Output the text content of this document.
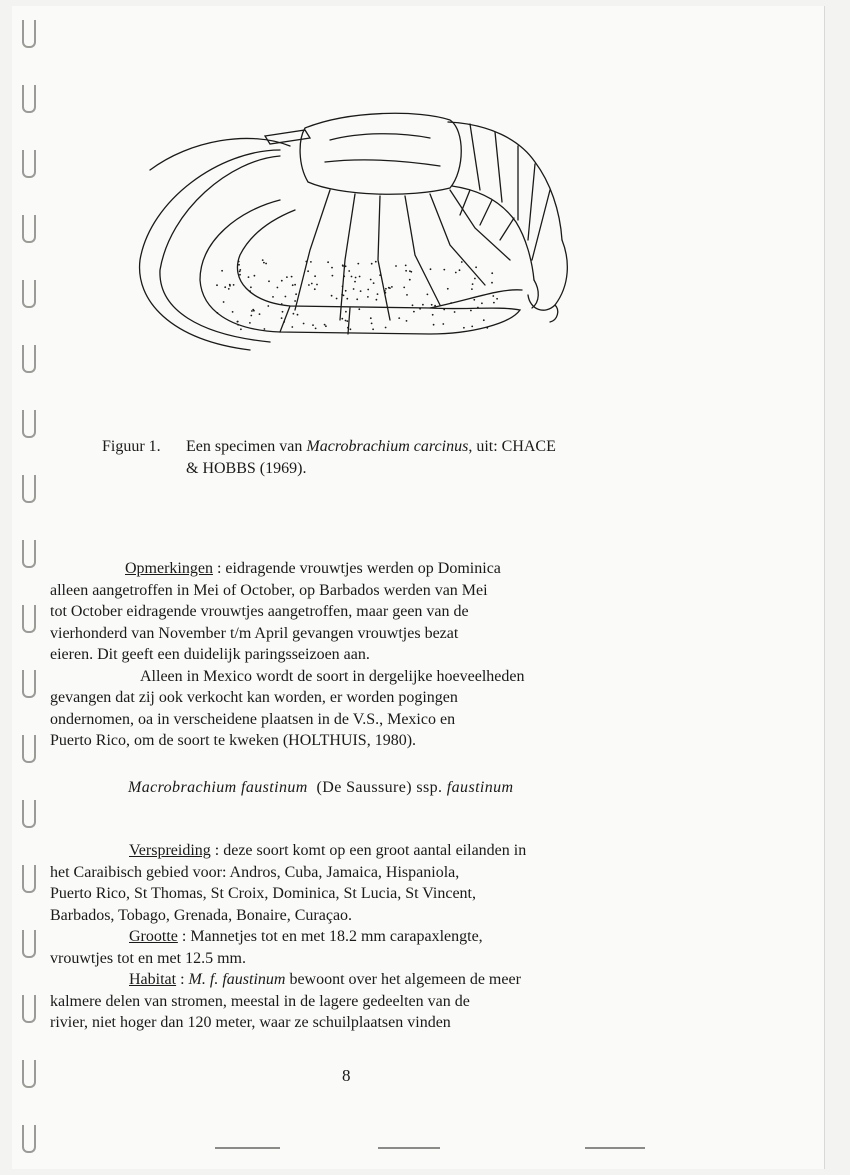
Figuur 1. Een specimen van Macrobrachium carcinus, uit: CHACE
& HOBBS (1969).

Opmerkingen : eidragende vrouwtjes werden op Dominica

alleen aangetroffen in Mei of October, op Barbados werden van Mei

tot October eidragende vrouwtjes aangetroffen, maar geen van de

vierhonderd van November t/m April gevangen vrouwtjes bezat

eieren. Dit geeft een duidelijk paringsseizoen aan.

Alleen in Mexico wordt de soort in dergelijke hoeveelheden

gevangen dat zij ook verkocht kan worden, er worden pogingen

ondernomen, oa in verscheidene plaatsen in de V.S., Mexico en

Puerto Rico, om de soort te kweken (HOLTHUIS, 1980).

Macrobrachium faustinum (De Saussure) ssp. faustinum

Verspreiding : deze soort komt op een groot aantal eilanden in

het Caraibisch gebied voor: Andros, Cuba, Jamaica, Hispaniola,

Puerto Rico, St Thomas, St Croix, Dominica, St Lucia, St Vincent,

Barbados, Tobago, Grenada, Bonaire, Curaçao.

Grootte : Mannetjes tot en met 18.2 mm carapaxlengte,

vrouwtjes tot en met 12.5 mm.

Habitat : M. f. faustinum bewoont over het algemeen de meer

kalmere delen van stromen, meestal in de lagere gedeelten van de

rivier, niet hoger dan 120 meter, waar ze schuilplaatsen vinden

8
